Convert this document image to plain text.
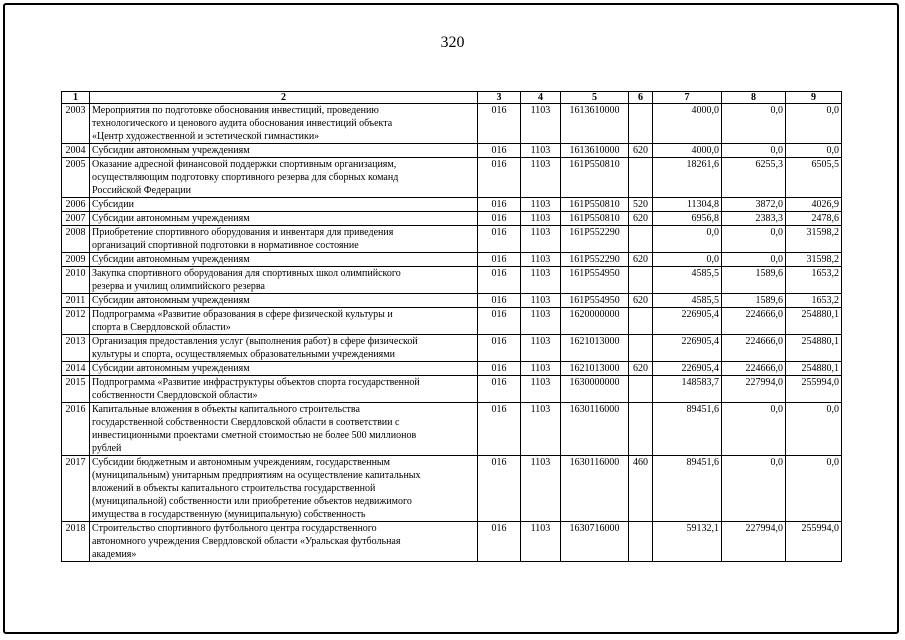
320
1	2	3	4	5	6	7	8	9
2003	Мероприятия по подготовке обоснования инвестиций, проведению
технологического и ценового аудита обоснования инвестиций объекта
«Центр художественной и эстетической гимнастики»	016	1103	1613610000		4000,0	0,0	0,0
2004	Субсидии автономным учреждениям	016	1103	1613610000	620	4000,0	0,0	0,0
2005	Оказание адресной финансовой поддержки спортивным организациям,
осуществляющим подготовку спортивного резерва для сборных команд
Российской Федерации	016	1103	161P550810		18261,6	6255,3	6505,5
2006	Субсидии	016	1103	161P550810	520	11304,8	3872,0	4026,9
2007	Субсидии автономным учреждениям	016	1103	161P550810	620	6956,8	2383,3	2478,6
2008	Приобретение спортивного оборудования и инвентаря для приведения
организаций спортивной подготовки в нормативное состояние	016	1103	161P552290		0,0	0,0	31598,2
2009	Субсидии автономным учреждениям	016	1103	161P552290	620	0,0	0,0	31598,2
2010	Закупка спортивного оборудования для спортивных школ олимпийского
резерва и училищ олимпийского резерва	016	1103	161P554950		4585,5	1589,6	1653,2
2011	Субсидии автономным учреждениям	016	1103	161P554950	620	4585,5	1589,6	1653,2
2012	Подпрограмма «Развитие образования в сфере физической культуры и
спорта в Свердловской области»	016	1103	1620000000		226905,4	224666,0	254880,1
2013	Организация предоставления услуг (выполнения работ) в сфере физической
культуры и спорта, осуществляемых образовательными учреждениями	016	1103	1621013000		226905,4	224666,0	254880,1
2014	Субсидии автономным учреждениям	016	1103	1621013000	620	226905,4	224666,0	254880,1
2015	Подпрограмма «Развитие инфраструктуры объектов спорта государственной
собственности Свердловской области»	016	1103	1630000000		148583,7	227994,0	255994,0
2016	Капитальные вложения в объекты капитального строительства
государственной собственности Свердловской области в соответствии с
инвестиционными проектами сметной стоимостью не более 500 миллионов
рублей	016	1103	1630116000		89451,6	0,0	0,0
2017	Субсидии бюджетным и автономным учреждениям, государственным
(муниципальным) унитарным предприятиям на осуществление капитальных
вложений в объекты капитального строительства государственной
(муниципальной) собственности или приобретение объектов недвижимого
имущества в государственную (муниципальную) собственность	016	1103	1630116000	460	89451,6	0,0	0,0
2018	Строительство спортивного футбольного центра государственного
автономного учреждения Свердловской области «Уральская футбольная
академия»	016	1103	1630716000		59132,1	227994,0	255994,0
